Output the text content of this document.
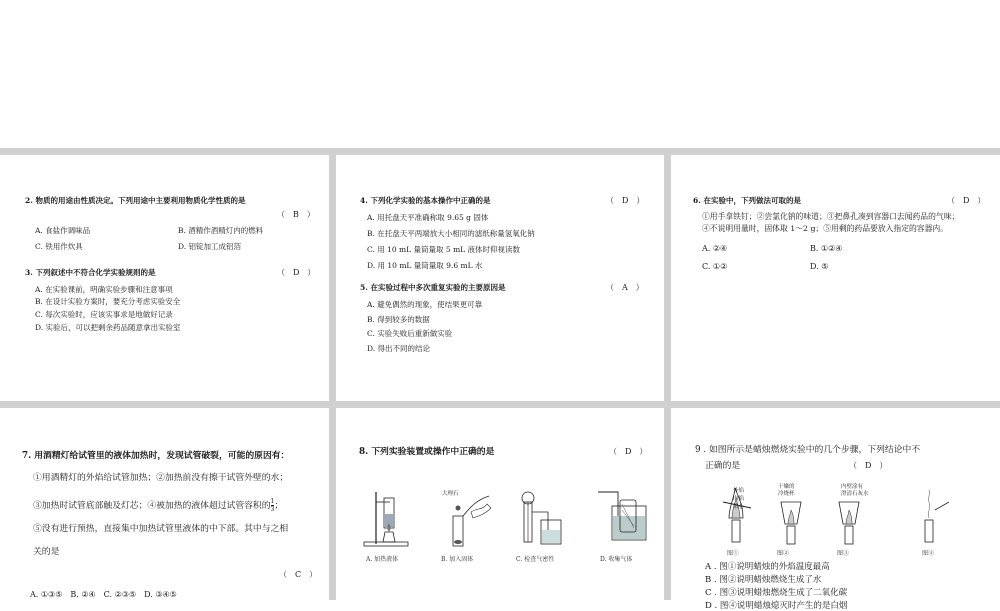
2. 物质的用途由性质决定。下列用途中主要利用物质化学性质的是
（　B　）
A. 食盐作调味品	B. 酒精作酒精灯内的燃料
C. 铁用作炊具	D. 铝锭加工成铝箔
3. 下列叙述中不符合化学实验规则的是	（　D　）
A. 在实验课前，明确实验步骤和注意事项
B. 在设计实验方案时，要充分考虑实验安全
C. 每次实验时，应该实事求是地做好记录
D. 实验后，可以把剩余药品随意拿出实验室
4. 下列化学实验的基本操作中正确的是	（　D　）
A. 用托盘天平准确称取 9.65 g 固体
B. 在托盘天平两端放大小相同的滤纸称量氢氧化钠
C. 用 10 mL 量筒量取 5 mL 液体时仰视读数
D. 用 10 mL 量筒量取 9.6 mL 水
5. 在实验过程中多次重复实验的主要原因是	（　A　）
A. 避免偶然的现象，使结果更可靠
B. 得到较多的数据
C. 实验失败后重新做实验
D. 得出不同的结论
6. 在实验中，下列做法可取的是	（　D　）
①用手拿铁钉；②尝氯化钠的味道；③把鼻孔凑到容器口去闻药品的气味；
④不说明用量时，固体取 1～2 g；⑤用剩的药品要放入指定的容器内。
A. ②④	B. ①②④
C. ①②	D. ⑤
7. 用酒精灯给试管里的液体加热时，发现试管破裂，可能的原因有：
①用酒精灯的外焰给试管加热；②加热前没有擦干试管外壁的水；
③加热时试管底部触及灯芯；④被加热的液体超过试管容积的 $\frac{1}{3}$ ；
⑤没有进行预热，直接集中加热试管里液体的中下部。其中与之相
关的是
（　C　）
A. ①③⑤　B. ②④　C. ②③⑤　D. ③④⑤
8. 下列实验装置或操作中正确的是	（　D　）
A. 加热液体
大理石
B. 加入固体	C. 检查气密性	D. 收集气体
9 . 如图所示是蜡烛燃烧实验中的几个步骤，下列结论中不
正确的是	（　D　）
外焰
内焰
焰心
图①
干燥的
冷烧杯
图②
内壁涂有
澄清石灰水
图③	图④
A . 图①说明蜡烛的外焰温度最高
B . 图②说明蜡烛燃烧生成了水
C . 图③说明蜡烛燃烧生成了二氧化碳
D . 图④说明蜡烛熄灭时产生的是白烟
